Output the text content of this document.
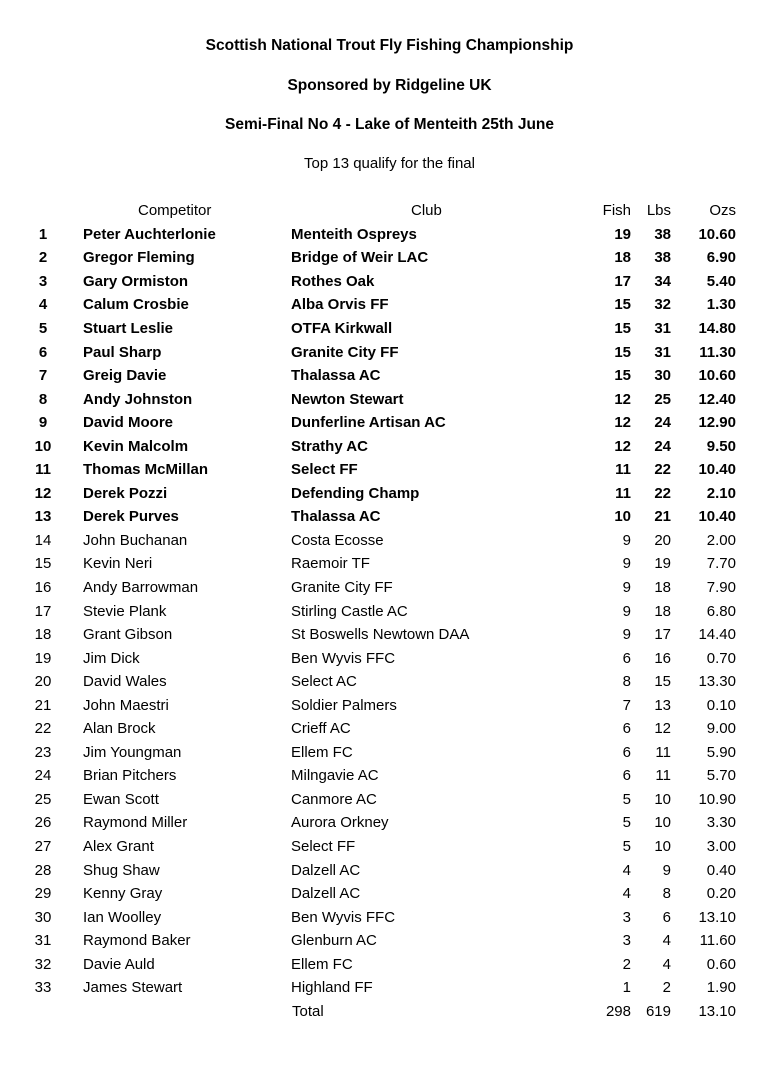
Scottish National Trout Fly Fishing Championship
Sponsored by Ridgeline UK
Semi-Final No 4 - Lake of Menteith 25th June
Top 13 qualify for the final
	Competitor	Club	Fish	Lbs	Ozs
1	Peter Auchterlonie	Menteith Ospreys	19	38	10.60
2	Gregor Fleming	Bridge of Weir LAC	18	38	6.90
3	Gary Ormiston	Rothes Oak	17	34	5.40
4	Calum Crosbie	Alba Orvis FF	15	32	1.30
5	Stuart Leslie	OTFA Kirkwall	15	31	14.80
6	Paul Sharp	Granite City FF	15	31	11.30
7	Greig Davie	Thalassa AC	15	30	10.60
8	Andy Johnston	Newton Stewart	12	25	12.40
9	David Moore	Dunferline Artisan AC	12	24	12.90
10	Kevin Malcolm	Strathy AC	12	24	9.50
11	Thomas McMillan	Select FF	11	22	10.40
12	Derek Pozzi	Defending Champ	11	22	2.10
13	Derek Purves	Thalassa AC	10	21	10.40
14	John Buchanan	Costa Ecosse	9	20	2.00
15	Kevin Neri	Raemoir TF	9	19	7.70
16	Andy Barrowman	Granite City FF	9	18	7.90
17	Stevie Plank	Stirling Castle AC	9	18	6.80
18	Grant Gibson	St Boswells Newtown DAA	9	17	14.40
19	Jim Dick	Ben Wyvis FFC	6	16	0.70
20	David Wales	Select AC	8	15	13.30
21	John Maestri	Soldier Palmers	7	13	0.10
22	Alan Brock	Crieff AC	6	12	9.00
23	Jim Youngman	Ellem FC	6	11	5.90
24	Brian Pitchers	Milngavie AC	6	11	5.70
25	Ewan Scott	Canmore AC	5	10	10.90
26	Raymond Miller	Aurora Orkney	5	10	3.30
27	Alex Grant	Select FF	5	10	3.00
28	Shug Shaw	Dalzell AC	4	9	0.40
29	Kenny Gray	Dalzell AC	4	8	0.20
30	Ian Woolley	Ben Wyvis FFC	3	6	13.10
31	Raymond Baker	Glenburn AC	3	4	11.60
32	Davie Auld	Ellem FC	2	4	0.60
33	James Stewart	Highland FF	1	2	1.90
		Total	298	619	13.10
